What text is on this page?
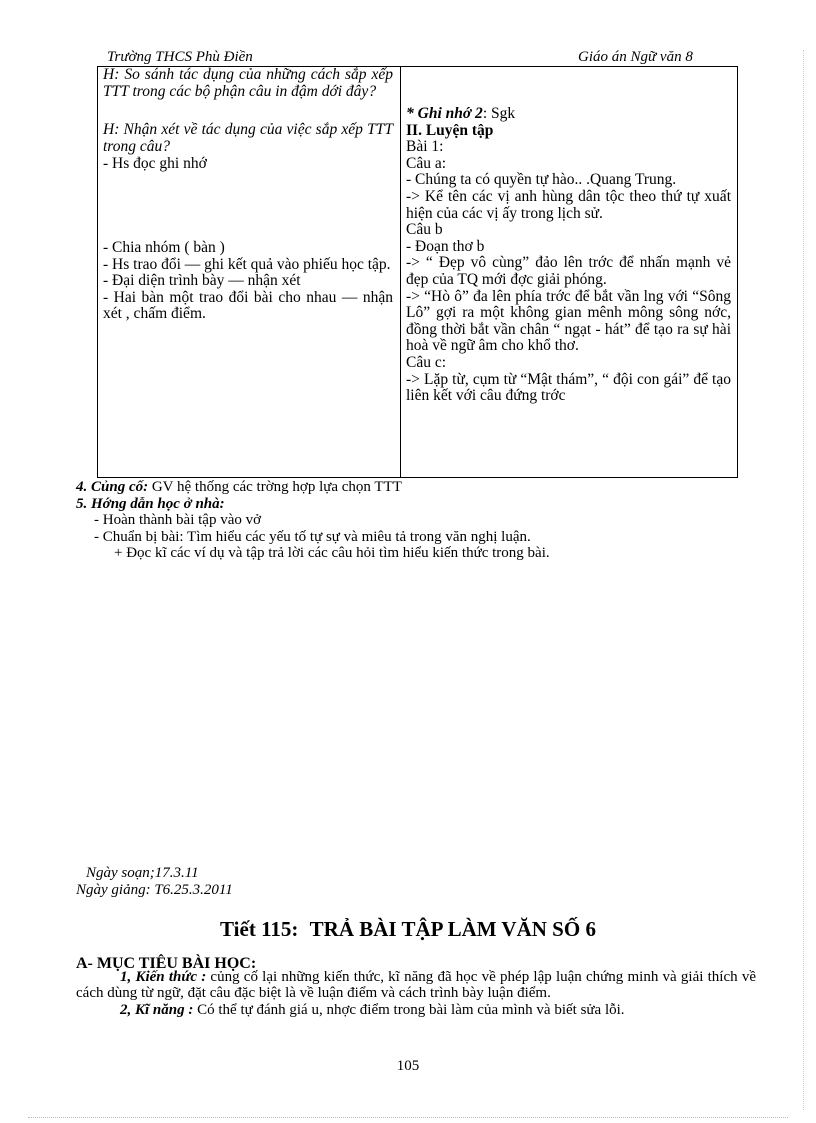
Trường THCS Phù Điền	Giáo án Ngữ văn 8

H: So sánh tác dụng của những cách sắp xếp TTT trong các bộ phận câu in đậm dới đây?

H: Nhận xét về tác dụng của việc sắp xếp TTT trong câu?

- Hs đọc ghi nhớ

- Chia nhóm ( bàn )

- Hs trao đổi — ghi kết quả vào phiếu học tập.

- Đại diện trình bày — nhận xét

- Hai bàn một trao đổi bài cho nhau — nhận xét , chấm điểm.

* Ghi nhớ 2: Sgk

II. Luyện tập

Bài 1:

Câu a:

- Chúng ta có quyền tự hào.. .Quang Trung.

-> Kể tên các vị anh hùng dân tộc theo thứ tự xuất hiện của các vị ấy trong lịch sử.

Câu b

- Đoạn thơ b

-> “ Đẹp vô cùng” đảo lên trớc để nhấn mạnh vẻ đẹp của TQ mới đợc giải phóng.

-> “Hò ô” đa lên phía trớc để bắt vần lng với “Sông Lô” gợi ra một không gian mênh mông sông nớc, đồng thời bắt vần chân “ ngạt - hát” để tạo ra sự hài hoà về ngữ âm cho khổ thơ.

Câu c:

-> Lặp từ, cụm từ “Mật thám”, “ đội con gái” để tạo liên kết với câu đứng trớc

4. Củng cố: GV hệ thống các trờng hợp lựa chọn TTT

5. Hớng dẫn học ở nhà:

- Hoàn thành bài tập vào vở

- Chuẩn bị bài: Tìm hiểu các yếu tố tự sự và miêu tả trong văn nghị luận.

+ Đọc kĩ các ví dụ và tập trả lời các câu hỏi tìm hiểu kiến thức trong bài.

Ngày soạn;17.3.11
Ngày giảng: T6.25.3.2011
Tiết 115: TRẢ BÀI TẬP LÀM VĂN SỐ 6

A- MỤC TIÊU BÀI HỌC:

1, Kiến thức : củng cố lại những kiến thức, kĩ năng đã học về phép lập luận chứng minh và giải thích về cách dùng từ ngữ, đặt câu đặc biệt là về luận điểm và cách trình bày luận điểm.

2, Kĩ năng : Có thể tự đánh giá u, nhợc điểm trong bài làm của mình và biết sửa lỗi.

105
